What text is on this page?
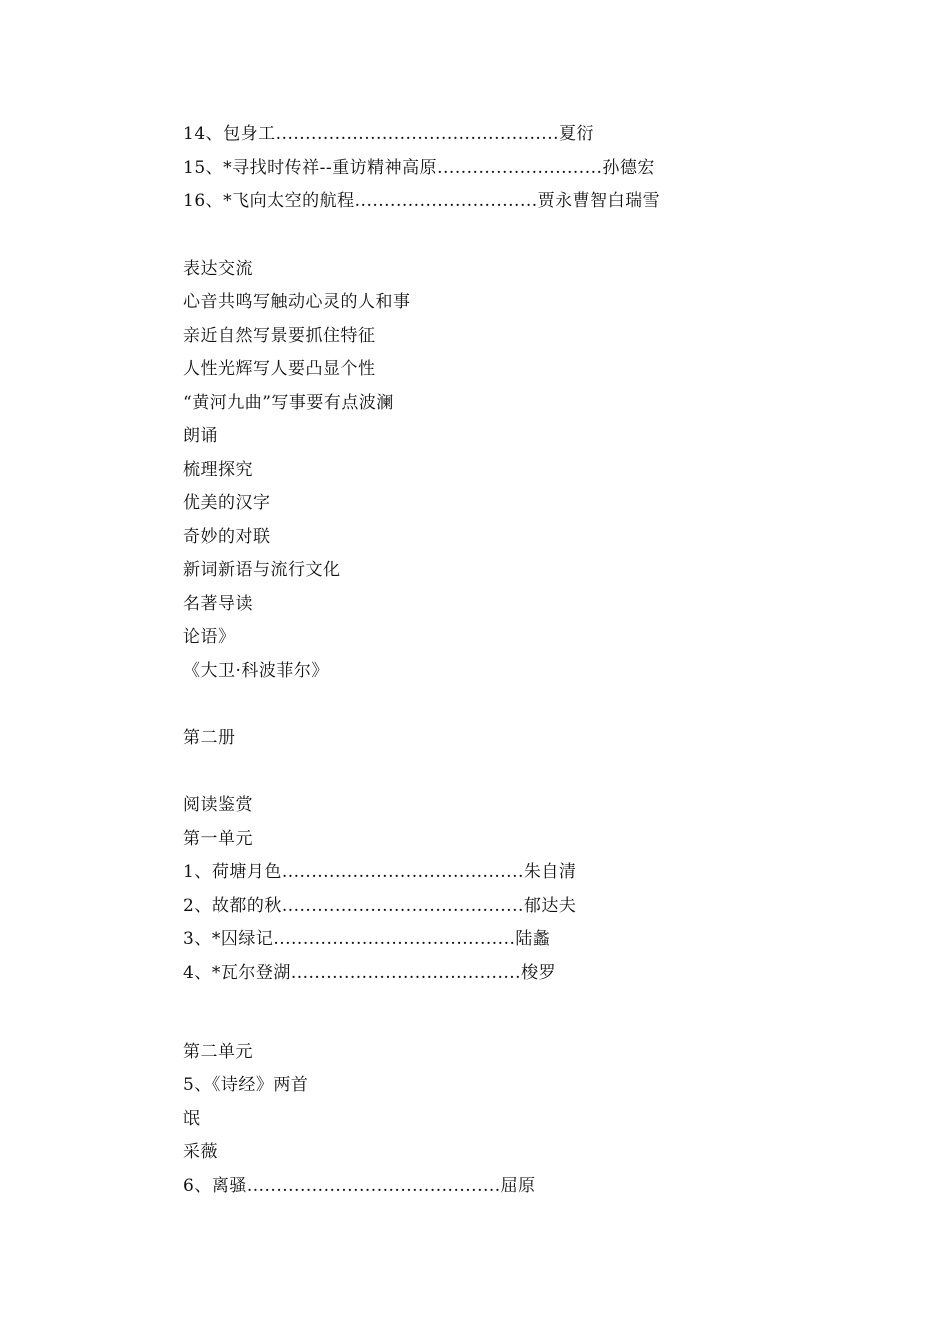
14、包身工................................................夏衍
15、*寻找时传祥--重访精神高原............................孙德宏
16、*飞向太空的航程...............................贾永曹智白瑞雪
表达交流
心音共鸣写触动心灵的人和事
亲近自然写景要抓住特征
人性光辉写人要凸显个性
“黄河九曲”写事要有点波澜
朗诵
梳理探究
优美的汉字
奇妙的对联
新词新语与流行文化
名著导读
论语》
《大卫·科波菲尔》
第二册
阅读鉴赏
第一单元
1、荷塘月色.........................................朱自清
2、故都的秋.........................................郁达夫
3、*囚绿记.........................................陆蠡
4、*瓦尔登湖.......................................梭罗
第二单元
5、《诗经》两首
氓
采薇
6、离骚...........................................屈原
